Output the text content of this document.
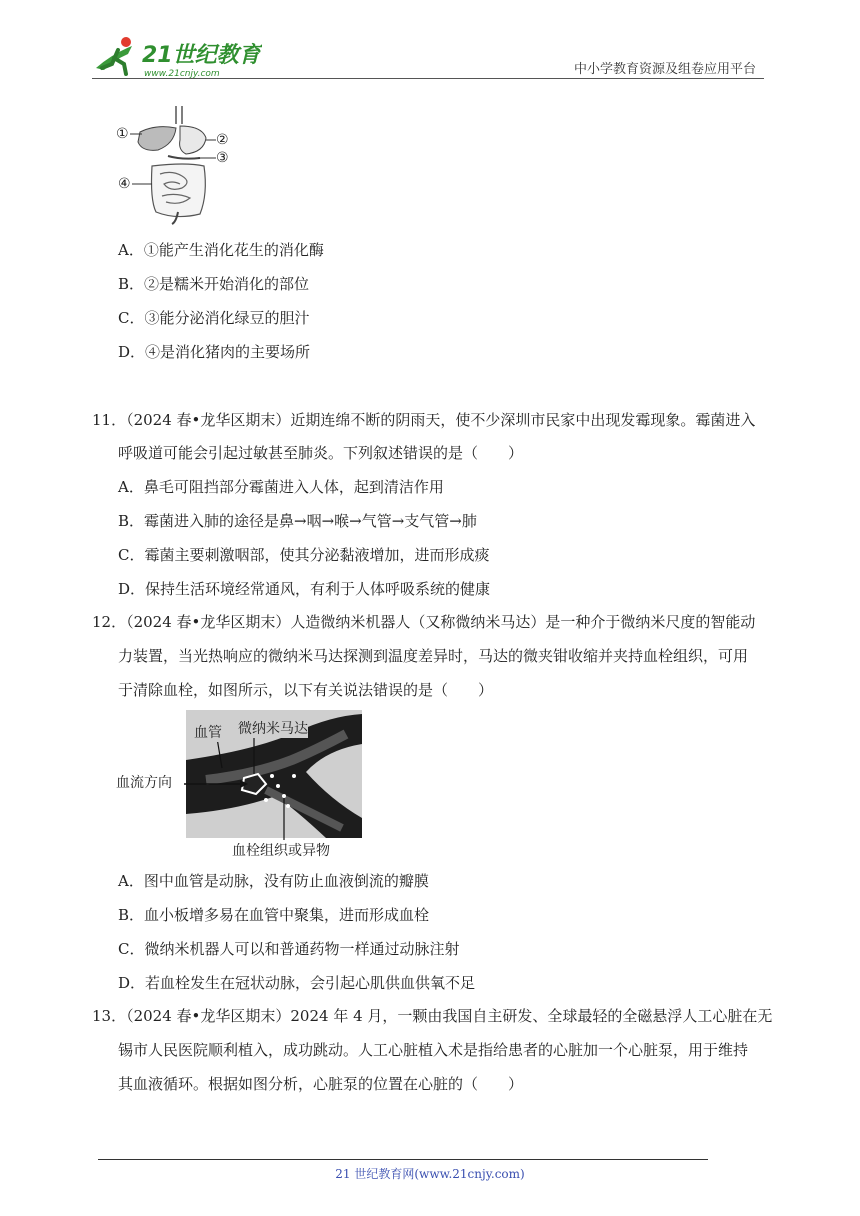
21世纪教育
www.21cnjy.com	中小学教育资源及组卷应用平台
①	②
③
④
A．①能产生消化花生的消化酶
B．②是糯米开始消化的部位
C．③能分泌消化绿豆的胆汁
D．④是消化猪肉的主要场所
11．（2024 春•龙华区期末）近期连绵不断的阴雨天，使不少深圳市民家中出现发霉现象。霉菌进入
呼吸道可能会引起过敏甚至肺炎。下列叙述错误的是（　　）
A．鼻毛可阻挡部分霉菌进入人体，起到清洁作用
B．霉菌进入肺的途径是鼻→咽→喉→气管→支气管→肺
C．霉菌主要刺激咽部，使其分泌黏液增加，进而形成痰
D．保持生活环境经常通风，有利于人体呼吸系统的健康
12．（2024 春•龙华区期末）人造微纳米机器人（又称微纳米马达）是一种介于微纳米尺度的智能动
力装置，当光热响应的微纳米马达探测到温度差异时，马达的微夹钳收缩并夹持血栓组织，可用
于清除血栓，如图所示，以下有关说法错误的是（　　）
血管 微纳米马达
血流方向
血栓组织或异物
A．图中血管是动脉，没有防止血液倒流的瓣膜
B．血小板增多易在血管中聚集，进而形成血栓
C．微纳米机器人可以和普通药物一样通过动脉注射
D．若血栓发生在冠状动脉，会引起心肌供血供氧不足
13．（2024 春•龙华区期末）2024 年 4 月，一颗由我国自主研发、全球最轻的全磁悬浮人工心脏在无
锡市人民医院顺利植入，成功跳动。人工心脏植入术是指给患者的心脏加一个心脏泵，用于维持
其血液循环。根据如图分析，心脏泵的位置在心脏的（　　）
21 世纪教育网(www.21cnjy.com)
